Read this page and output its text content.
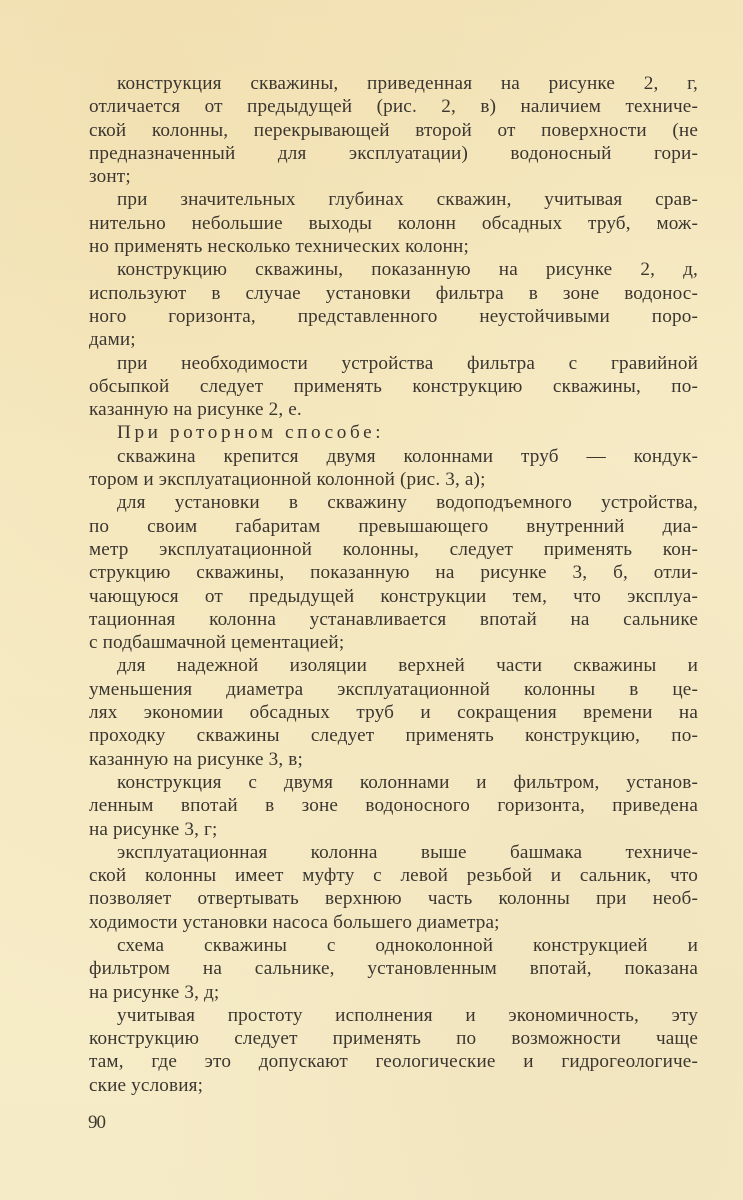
конструкция скважины, приведенная на рисунке 2, г,
отличается от предыдущей (рис. 2, в) наличием техниче-
ской колонны, перекрывающей второй от поверхности (не
предназначенный для эксплуатации) водоносный гори-
зонт;
при значительных глубинах скважин, учитывая срав-
нительно небольшие выходы колонн обсадных труб, мож-
но применять несколько технических колонн;
конструкцию скважины, показанную на рисунке 2, д,
используют в случае установки фильтра в зоне водонос-
ного горизонта, представленного неустойчивыми поро-
дами;
при необходимости устройства фильтра с гравийной
обсыпкой следует применять конструкцию скважины, по-
казанную на рисунке 2, е.
При роторном способе:
скважина крепится двумя колоннами труб — кондук-
тором и эксплуатационной колонной (рис. 3, а);
для установки в скважину водоподъемного устройства,
по своим габаритам превышающего внутренний диа-
метр эксплуатационной колонны, следует применять кон-
струкцию скважины, показанную на рисунке 3, б, отли-
чающуюся от предыдущей конструкции тем, что эксплуа-
тационная колонна устанавливается впотай на сальнике
с подбашмачной цементацией;
для надежной изоляции верхней части скважины и
уменьшения диаметра эксплуатационной колонны в це-
лях экономии обсадных труб и сокращения времени на
проходку скважины следует применять конструкцию, по-
казанную на рисунке 3, в;
конструкция с двумя колоннами и фильтром, установ-
ленным впотай в зоне водоносного горизонта, приведена
на рисунке 3, г;
эксплуатационная колонна выше башмака техниче-
ской колонны имеет муфту с левой резьбой и сальник, что
позволяет отвертывать верхнюю часть колонны при необ-
ходимости установки насоса большего диаметра;
схема скважины с одноколонной конструкцией и
фильтром на сальнике, установленным впотай, показана
на рисунке 3, д;
учитывая простоту исполнения и экономичность, эту
конструкцию следует применять по возможности чаще
там, где это допускают геологические и гидрогеологиче-
ские условия;
90
